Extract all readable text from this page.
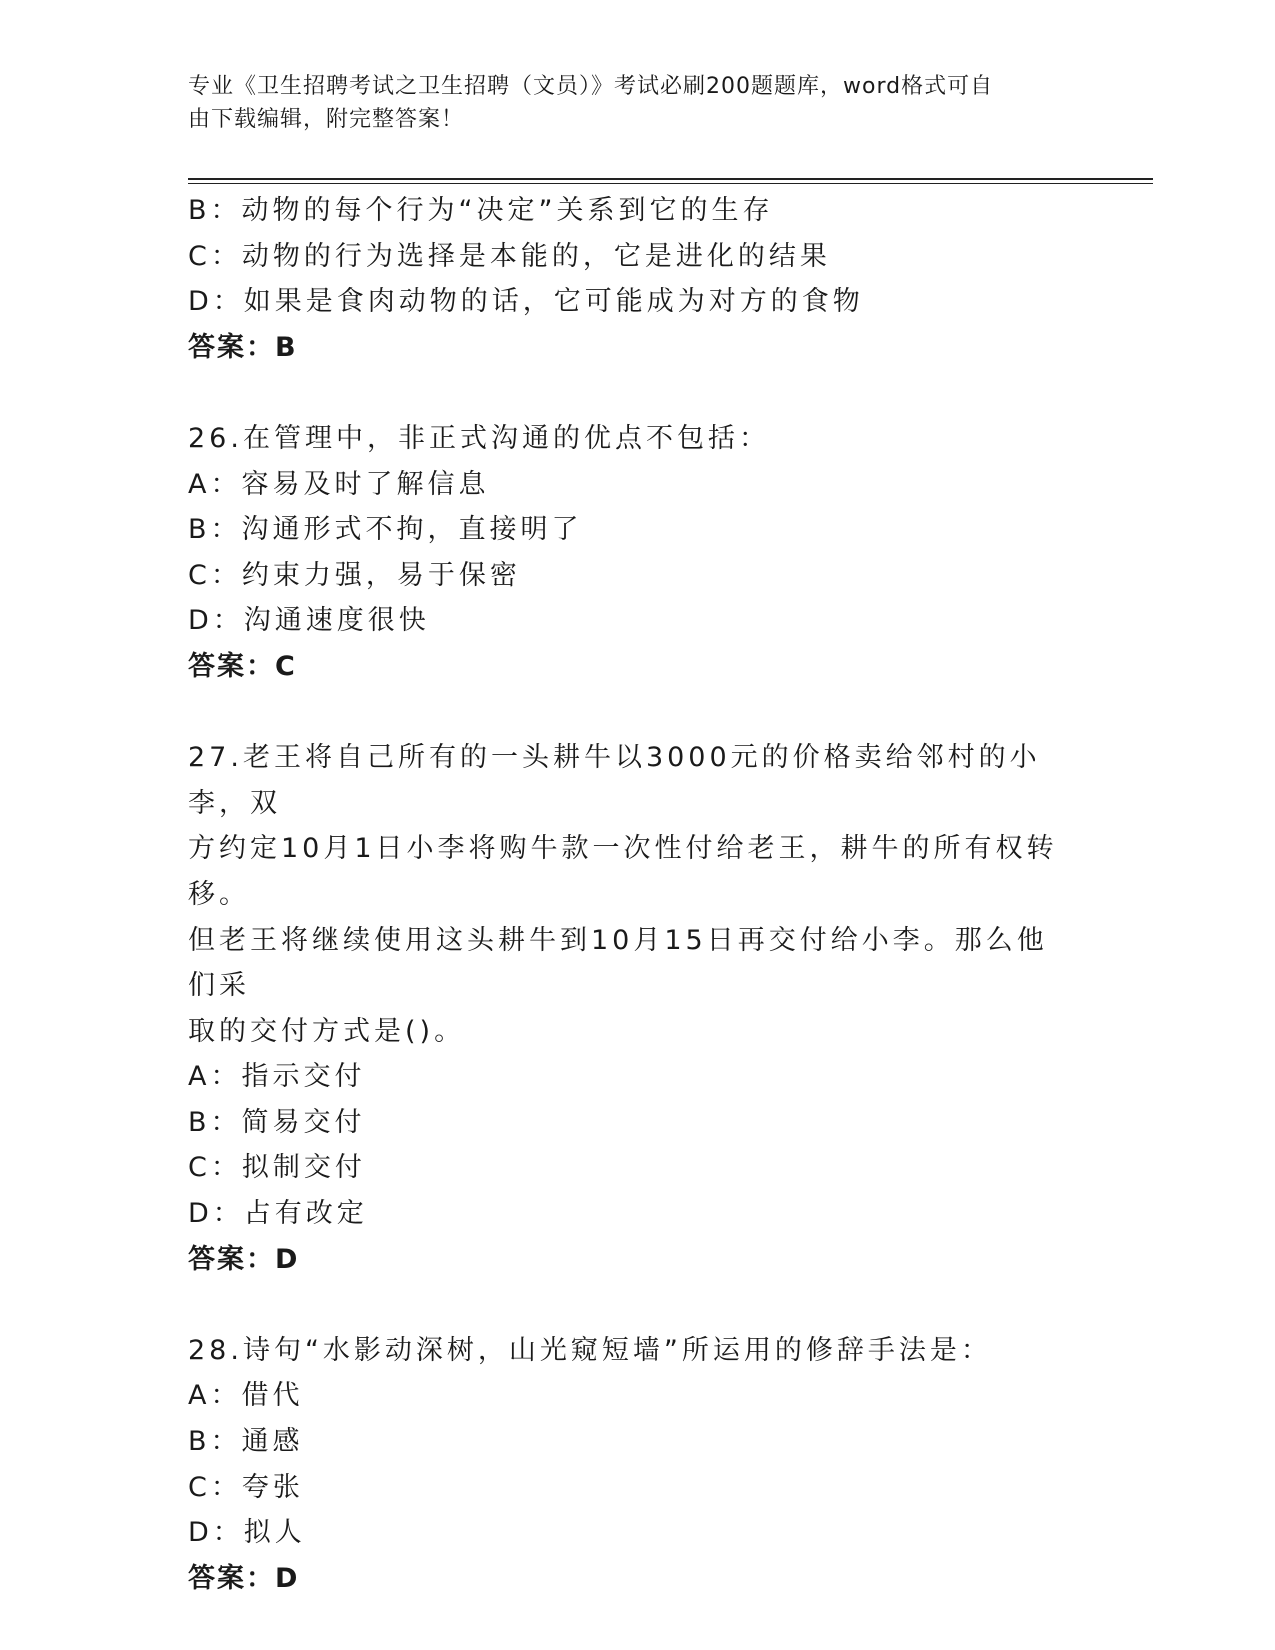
专业《卫生招聘考试之卫生招聘（文员）》考试必刷200题题库，word格式可自
由下载编辑，附完整答案！
B：动物的每个行为“决定”关系到它的生存
C：动物的行为选择是本能的，它是进化的结果
D：如果是食肉动物的话，它可能成为对方的食物
答案：B
26.在管理中，非正式沟通的优点不包括：
A：容易及时了解信息
B：沟通形式不拘，直接明了
C：约束力强，易于保密
D：沟通速度很快
答案：C
27.老王将自己所有的一头耕牛以3000元的价格卖给邻村的小李，双
方约定10月1日小李将购牛款一次性付给老王，耕牛的所有权转移。
但老王将继续使用这头耕牛到10月15日再交付给小李。那么他们采
取的交付方式是()。
A：指示交付
B：简易交付
C：拟制交付
D：占有改定
答案：D
28.诗句“水影动深树，山光窥短墙”所运用的修辞手法是：
A：借代
B：通感
C：夸张
D：拟人
答案：D
